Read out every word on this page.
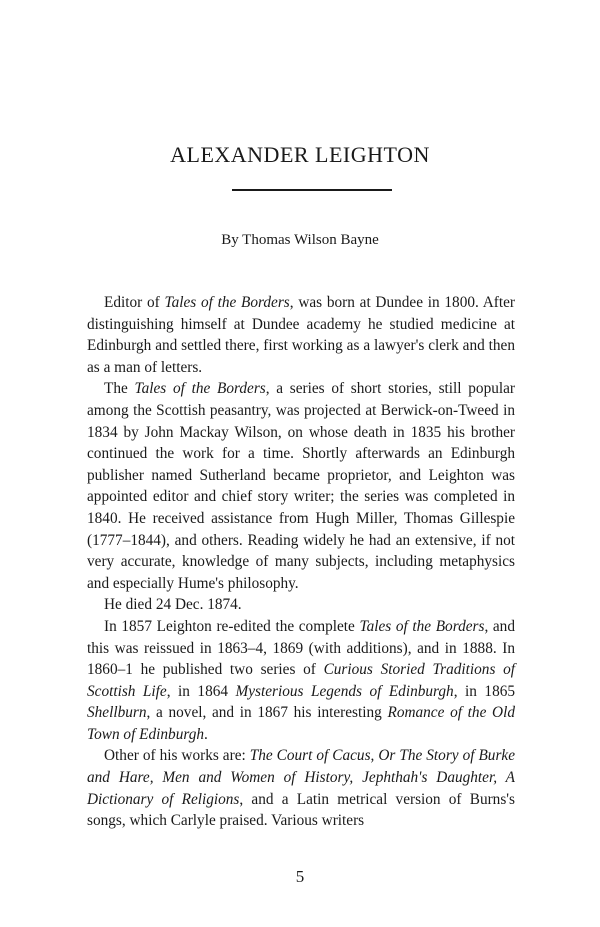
ALEXANDER LEIGHTON
By Thomas Wilson Bayne

Editor of Tales of the Borders, was born at Dundee in 1800. After distinguishing himself at Dundee academy he studied medicine at Edinburgh and settled there, first working as a lawyer's clerk and then as a man of letters.

The Tales of the Borders, a series of short stories, still popular among the Scottish peasantry, was projected at Berwick-on-Tweed in 1834 by John Mackay Wilson, on whose death in 1835 his brother continued the work for a time. Shortly afterwards an Edinburgh publisher named Sutherland became proprietor, and Leighton was appointed editor and chief story writer; the series was completed in 1840. He received assistance from Hugh Miller, Thomas Gillespie (1777–1844), and others. Reading widely he had an extensive, if not very accurate, knowledge of many subjects, including metaphysics and especially Hume's philosophy.

He died 24 Dec. 1874.

In 1857 Leighton re-edited the complete Tales of the Borders, and this was reissued in 1863–4, 1869 (with additions), and in 1888. In 1860–1 he published two series of Curious Storied Traditions of Scottish Life, in 1864 Mysterious Legends of Edinburgh, in 1865 Shellburn, a novel, and in 1867 his interesting Romance of the Old Town of Edinburgh.

Other of his works are: The Court of Cacus, Or The Story of Burke and Hare, Men and Women of History, Jephthah's Daughter, A Dictionary of Religions, and a Latin metrical version of Burns's songs, which Carlyle praised. Various writers

5
